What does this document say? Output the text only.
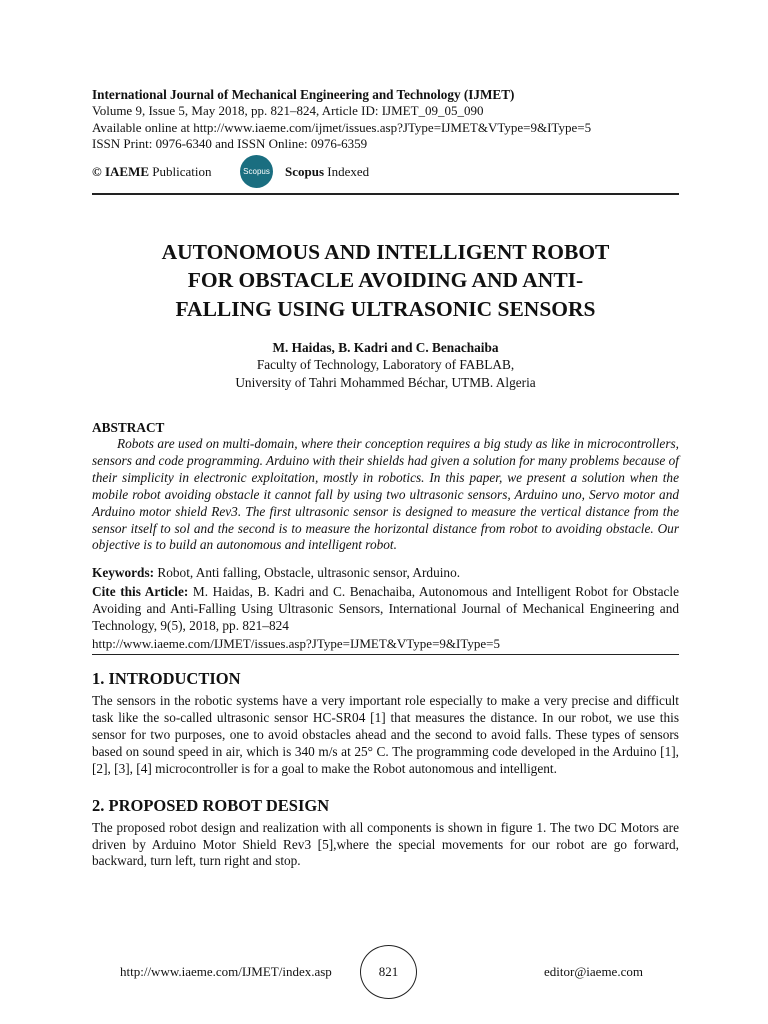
International Journal of Mechanical Engineering and Technology (IJMET)
Volume 9, Issue 5, May 2018, pp. 821–824, Article ID: IJMET_09_05_090
Available online at http://www.iaeme.com/ijmet/issues.asp?JType=IJMET&VType=9&IType=5
ISSN Print: 0976-6340 and ISSN Online: 0976-6359
© IAEME Publication	Scopus Scopus Indexed
AUTONOMOUS AND INTELLIGENT ROBOT
FOR OBSTACLE AVOIDING AND ANTI-
FALLING USING ULTRASONIC SENSORS
M. Haidas, B. Kadri and C. Benachaiba
Faculty of Technology, Laboratory of FABLAB,
University of Tahri Mohammed Béchar, UTMB. Algeria
ABSTRACT
Robots are used on multi-domain, where their conception requires a big study as like in microcontrollers, sensors and code programming. Arduino with their shields had given a solution for many problems because of their simplicity in electronic exploitation, mostly in robotics. In this paper, we present a solution when the mobile robot avoiding obstacle it cannot fall by using two ultrasonic sensors, Arduino uno, Servo motor and Arduino motor shield Rev3. The first ultrasonic sensor is designed to measure the vertical distance from the sensor itself to sol and the second is to measure the horizontal distance from robot to avoiding obstacle. Our objective is to build an autonomous and intelligent robot.
Keywords: Robot, Anti falling, Obstacle, ultrasonic sensor, Arduino.
Cite this Article: M. Haidas, B. Kadri and C. Benachaiba, Autonomous and Intelligent Robot for Obstacle Avoiding and Anti-Falling Using Ultrasonic Sensors, International Journal of Mechanical Engineering and Technology, 9(5), 2018, pp. 821–824
http://www.iaeme.com/IJMET/issues.asp?JType=IJMET&VType=9&IType=5
1. INTRODUCTION
The sensors in the robotic systems have a very important role especially to make a very precise and difficult task like the so-called ultrasonic sensor HC-SR04 [1] that measures the distance. In our robot, we use this sensor for two purposes, one to avoid obstacles ahead and the second to avoid falls. These types of sensors based on sound speed in air, which is 340 m/s at 25° C. The programming code developed in the Arduino [1], [2], [3], [4] microcontroller is for a goal to make the Robot autonomous and intelligent.
2. PROPOSED ROBOT DESIGN
The proposed robot design and realization with all components is shown in figure 1. The two DC Motors are driven by Arduino Motor Shield Rev3 [5],where the special movements for our robot are go forward, backward, turn left, turn right and stop.
http://www.iaeme.com/IJMET/index.asp	821	editor@iaeme.com
